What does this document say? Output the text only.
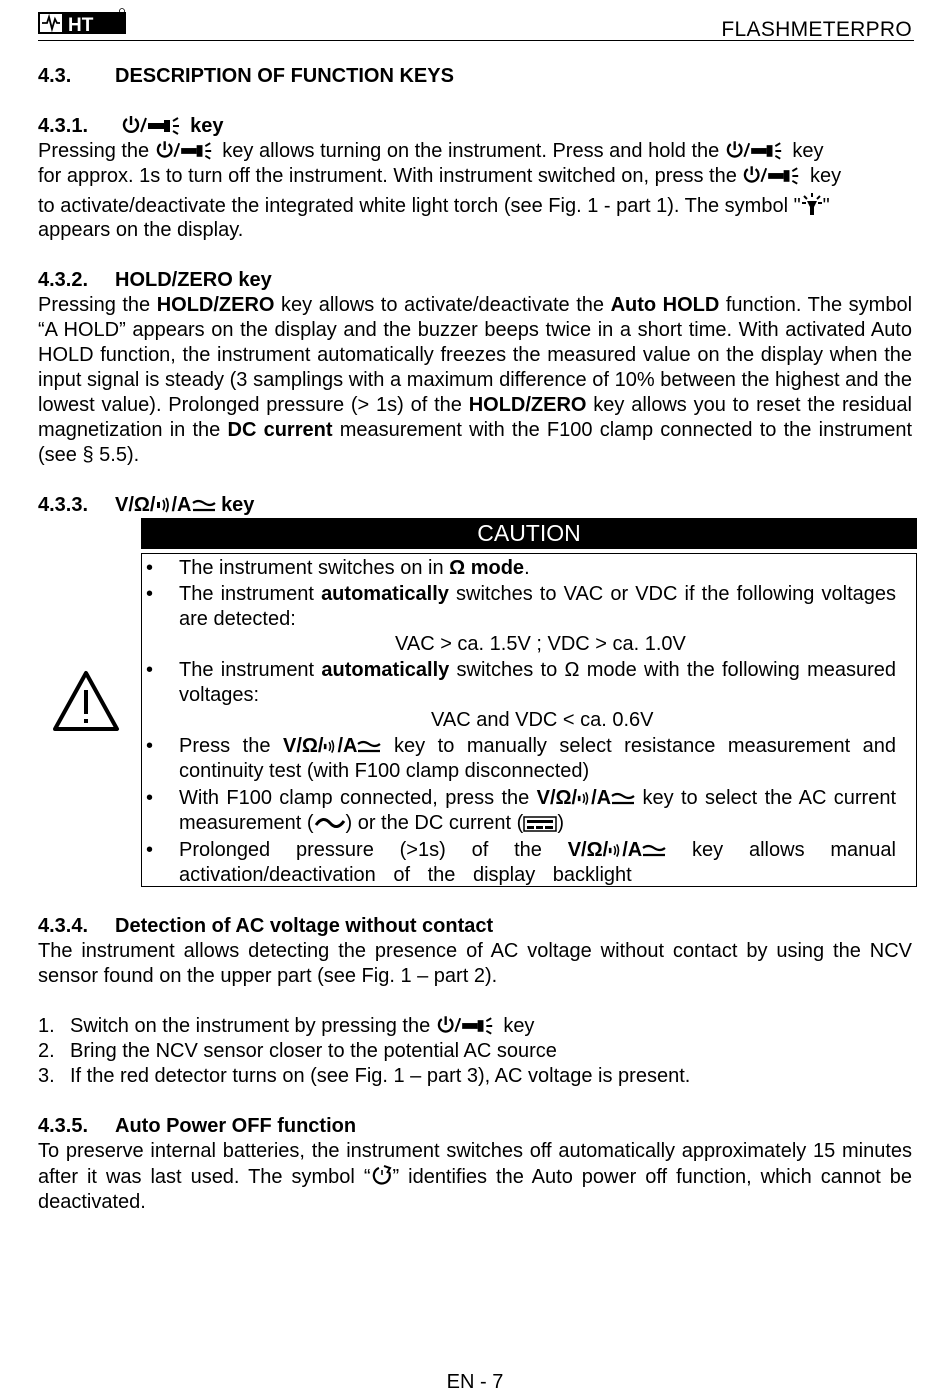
HT	FLASHMETERPRO
4.3. DESCRIPTION OF FUNCTION KEYS
4.3.1.	key
Pressing the	key allows turning on the instrument. Press and hold the	key
for approx. 1s to turn off the instrument. With instrument switched on, press the	key
to activate/deactivate the integrated white light torch (see Fig. 1 - part 1). The symbol " "
appears on the display.
4.3.2. HOLD/ZERO key
Pressing the HOLD/ZERO key allows to activate/deactivate the Auto HOLD function. The symbol “A HOLD” appears on the display and the buzzer beeps twice in a short time. With activated Auto HOLD function, the instrument automatically freezes the measured value on the display when the input signal is steady (3 samplings with a maximum difference of 10% between the highest and the lowest value). Prolonged pressure (> 1s) of the HOLD/ZERO key allows you to reset the residual magnetization in the DC current measurement with the F100 clamp connected to the instrument (see § 5.5).
4.3.3. V/Ω/ /A key
CAUTION
•	The instrument switches on in Ω mode.
•	The instrument automatically switches to VAC or VDC if the following voltages are detected:
VAC > ca. 1.5V ; VDC > ca. 1.0V
•	The instrument automatically switches to Ω mode with the following measured voltages:
VAC and VDC < ca. 0.6V
•	Press the V/Ω/ /A key to manually select resistance measurement and continuity test (with F100 clamp disconnected)
•	With F100 clamp connected, press the V/Ω/ /A key to select the AC current measurement ( ) or the DC current ( )
•	Prolonged pressure (>1s) of the V/Ω/ /A key allows manual activation/deactivation of the display backlight
4.3.4. Detection of AC voltage without contact
The instrument allows detecting the presence of AC voltage without contact by using the NCV sensor found on the upper part (see Fig. 1 – part 2).
1. Switch on the instrument by pressing the	key
2. Bring the NCV sensor closer to the potential AC source
3. If the red detector turns on (see Fig. 1 – part 3), AC voltage is present.
4.3.5. Auto Power OFF function
To preserve internal batteries, the instrument switches off automatically approximately 15 minutes after it was last used. The symbol “ ” identifies the Auto power off function, which cannot be deactivated.
EN - 7
